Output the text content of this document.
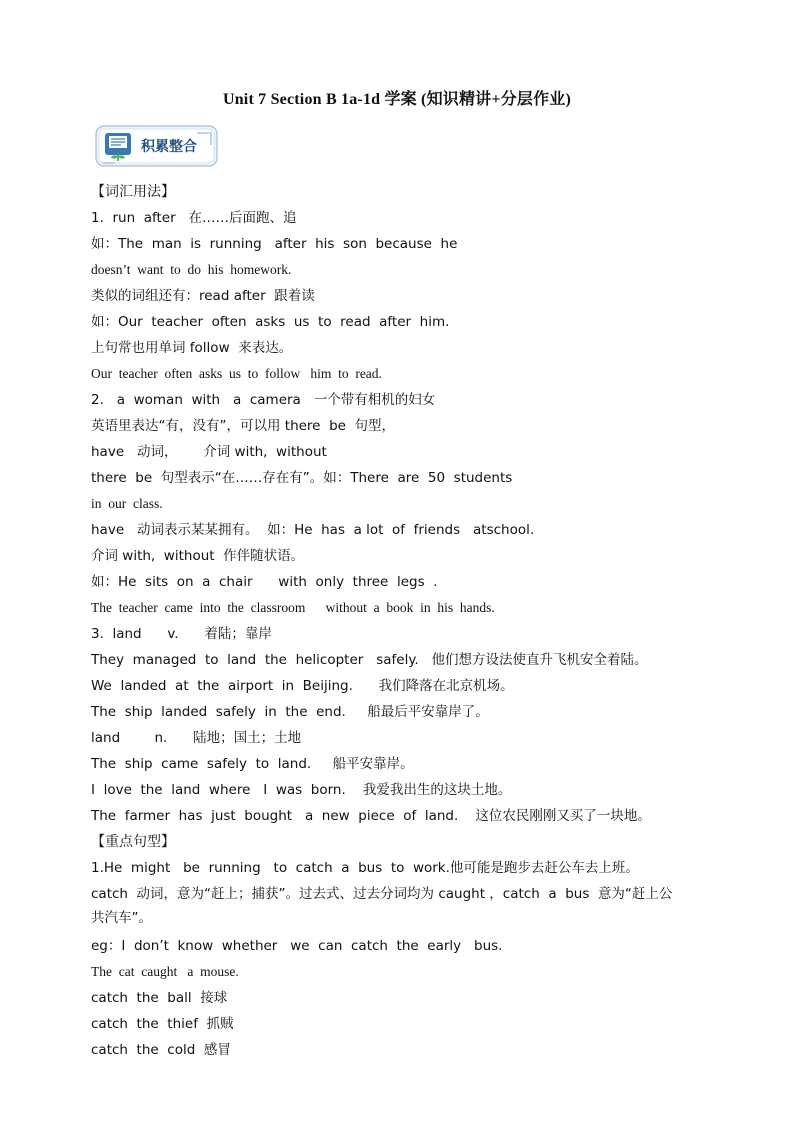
Unit 7 Section B 1a-1d 学案 (知识精讲+分层作业)
积累整合
【词汇用法】
1.  run  after   在……后面跑、追
如：The  man  is  running   after  his  son  because  he
doesn’t  want  to  do  his  homework.
类似的词组还有：read after  跟着读
如：Our  teacher  often  asks  us  to  read  after  him.
上句常也用单词 follow  来表达。
Our  teacher  often  asks  us  to  follow   him  to  read.
2.   a  woman  with   a  camera   一个带有相机的妇女
英语里表达“有，没有”，可以用 there  be  句型，
have   动词，      介词 with,  without
there  be  句型表示“在……存在有”。如：There  are  50  students
in  our  class.
have   动词表示某某拥有。  如：He  has  a lot  of  friends   atschool.
介词 with,  without  作伴随状语。
如：He  sits  on  a  chair      with  only  three  legs  .
The  teacher  came  into  the  classroom      without  a  book  in  his  hands.
3.  land      v.      着陆；靠岸
They  managed  to  land  the  helicopter   safely.   他们想方设法使直升飞机安全着陆。
We  landed  at  the  airport  in  Beijing.      我们降落在北京机场。
The  ship  landed  safely  in  the  end.     船最后平安靠岸了。
land        n.      陆地；国土；土地
The  ship  came  safely  to  land.     船平安靠岸。
I  love  the  land  where   I  was  born.    我爱我出生的这块土地。
The  farmer  has  just  bought   a  new  piece  of  land.    这位农民刚刚又买了一块地。
【重点句型】
1.He  might   be  running   to  catch  a  bus  to  work.他可能是跑步去赶公车去上班。
catch  动词，意为“赶上；捕获”。过去式、过去分词均为 caught ，catch  a  bus  意为“赶上公
共汽车”。
eg：I  don’t  know  whether   we  can  catch  the  early   bus.
The  cat  caught   a  mouse.
catch  the  ball  接球
catch  the  thief  抓贼
catch  the  cold  感冒
